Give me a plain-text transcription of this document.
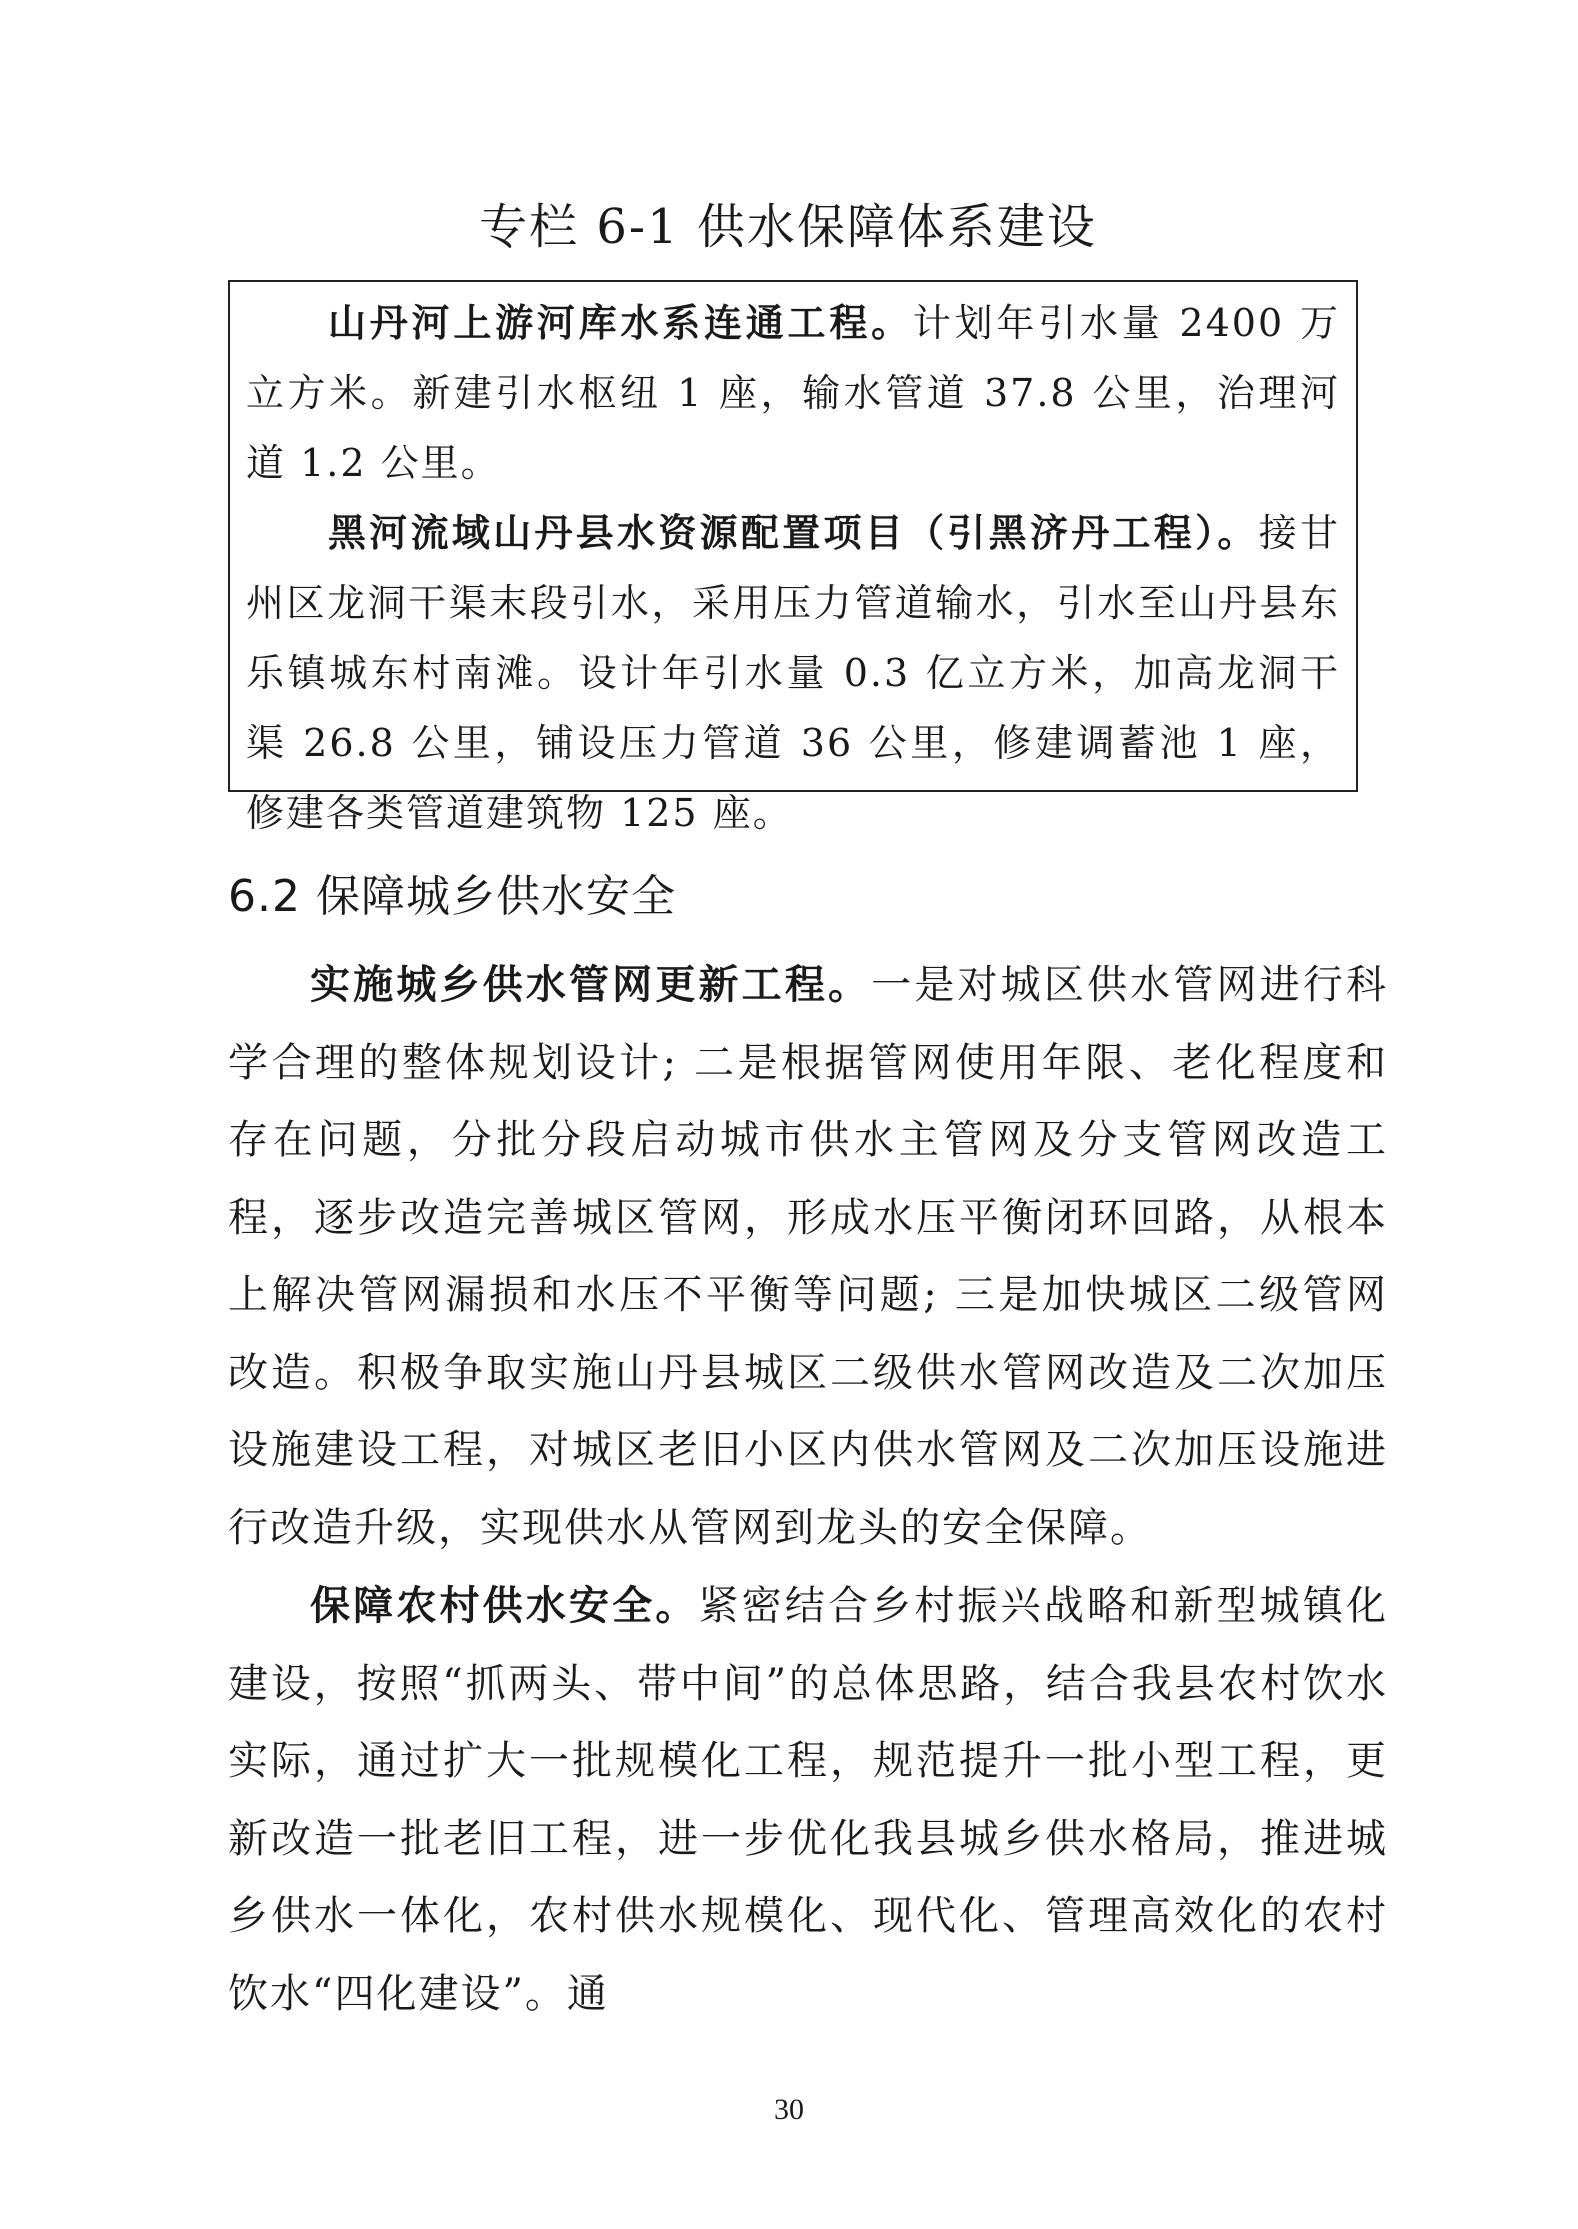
专栏 6-1 供水保障体系建设

山丹河上游河库水系连通工程。计划年引水量 2400 万立方米。新建引水枢纽 1 座，输水管道 37.8 公里，治理河道 1.2 公里。

黑河流域山丹县水资源配置项目（引黑济丹工程）。接甘州区龙洞干渠末段引水，采用压力管道输水，引水至山丹县东乐镇城东村南滩。设计年引水量 0.3 亿立方米，加高龙洞干渠 26.8 公里，铺设压力管道 36 公里，修建调蓄池 1 座，修建各类管道建筑物 125 座。

6.2 保障城乡供水安全

实施城乡供水管网更新工程。一是对城区供水管网进行科学合理的整体规划设计; 二是根据管网使用年限、老化程度和存在问题，分批分段启动城市供水主管网及分支管网改造工程，逐步改造完善城区管网，形成水压平衡闭环回路，从根本上解决管网漏损和水压不平衡等问题; 三是加快城区二级管网改造。积极争取实施山丹县城区二级供水管网改造及二次加压设施建设工程，对城区老旧小区内供水管网及二次加压设施进行改造升级，实现供水从管网到龙头的安全保障。

保障农村供水安全。紧密结合乡村振兴战略和新型城镇化建设，按照“抓两头、带中间”的总体思路，结合我县农村饮水实际，通过扩大一批规模化工程，规范提升一批小型工程，更新改造一批老旧工程，进一步优化我县城乡供水格局，推进城乡供水一体化，农村供水规模化、现代化、管理高效化的农村饮水“四化建设”。通

30
